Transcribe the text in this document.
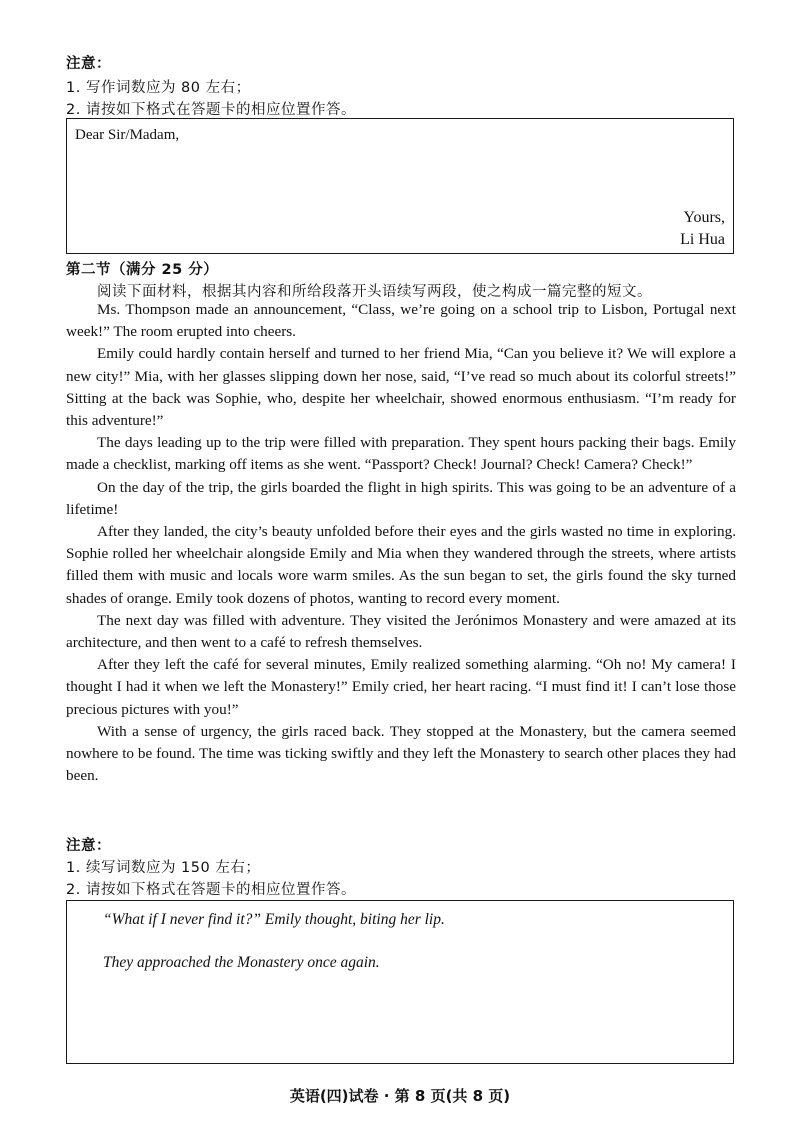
注意：
1. 写作词数应为 80 左右；
2. 请按如下格式在答题卡的相应位置作答。
Dear Sir/Madam,
Yours,
Li Hua
第二节（满分 25 分）
阅读下面材料，根据其内容和所给段落开头语续写两段，使之构成一篇完整的短文。

Ms. Thompson made an announcement, “Class, we’re going on a school trip to Lisbon, Portugal next week!” The room erupted into cheers.

Emily could hardly contain herself and turned to her friend Mia, “Can you believe it? We will explore a new city!” Mia, with her glasses slipping down her nose, said, “I’ve read so much about its colorful streets!” Sitting at the back was Sophie, who, despite her wheelchair, showed enormous enthusiasm. “I’m ready for this adventure!”

The days leading up to the trip were filled with preparation. They spent hours packing their bags. Emily made a checklist, marking off items as she went. “Passport? Check! Journal? Check! Camera? Check!”

On the day of the trip, the girls boarded the flight in high spirits. This was going to be an adventure of a lifetime!

After they landed, the city’s beauty unfolded before their eyes and the girls wasted no time in exploring. Sophie rolled her wheelchair alongside Emily and Mia when they wandered through the streets, where artists filled them with music and locals wore warm smiles. As the sun began to set, the girls found the sky turned shades of orange. Emily took dozens of photos, wanting to record every moment.

The next day was filled with adventure. They visited the Jerónimos Monastery and were amazed at its architecture, and then went to a café to refresh themselves.

After they left the café for several minutes, Emily realized something alarming. “Oh no! My camera! I thought I had it when we left the Monastery!” Emily cried, her heart racing. “I must find it! I can’t lose those precious pictures with you!”

With a sense of urgency, the girls raced back. They stopped at the Monastery, but the camera seemed nowhere to be found. The time was ticking swiftly and they left the Monastery to search other places they had been.

注意：
1. 续写词数应为 150 左右；
2. 请按如下格式在答题卡的相应位置作答。
“What if I never find it?” Emily thought, biting her lip.
They approached the Monastery once again.
英语(四)试卷 · 第 8 页(共 8 页)
